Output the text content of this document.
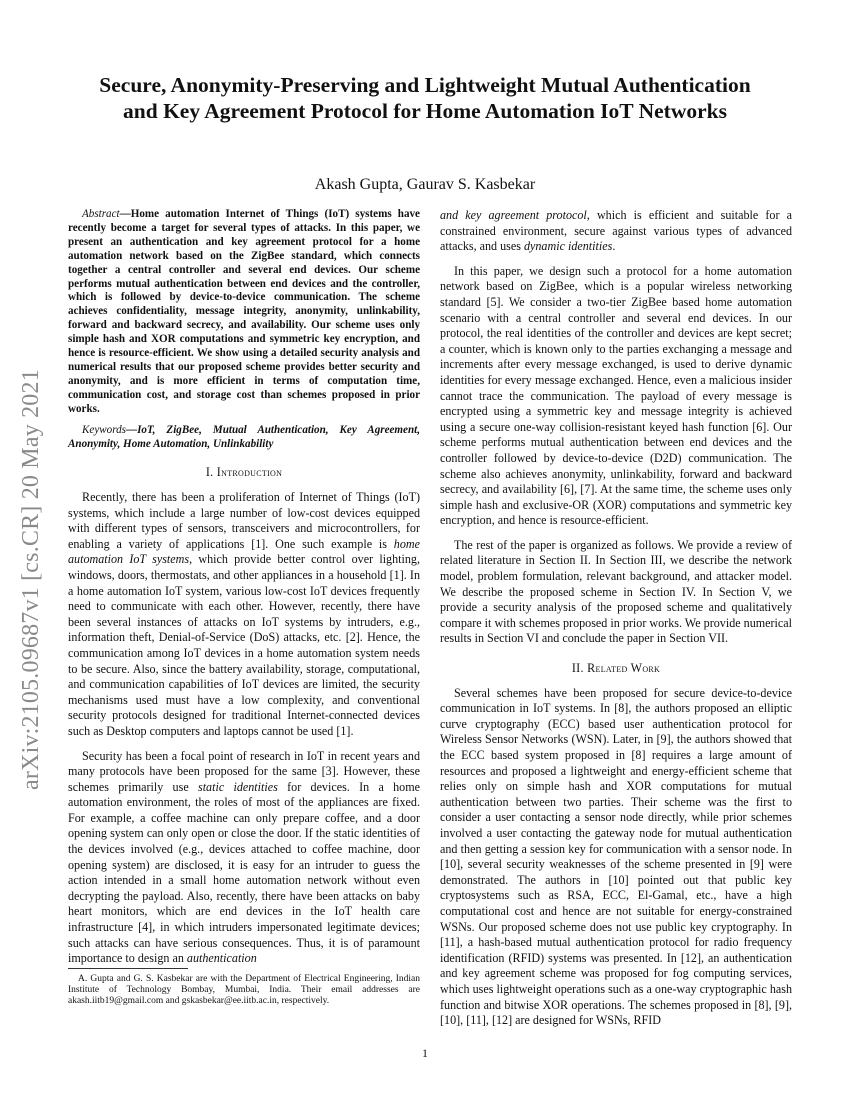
Secure, Anonymity-Preserving and Lightweight Mutual Authentication
and Key Agreement Protocol for Home Automation IoT Networks
Akash Gupta, Gaurav S. Kasbekar
arXiv:2105.09687v1 [cs.CR] 20 May 2021

Abstract—Home automation Internet of Things (IoT) systems have recently become a target for several types of attacks. In this paper, we present an authentication and key agreement protocol for a home automation network based on the ZigBee standard, which connects together a central controller and several end devices. Our scheme performs mutual authentication between end devices and the controller, which is followed by device-to-device communication. The scheme achieves confidentiality, message integrity, anonymity, unlinkability, forward and backward secrecy, and availability. Our scheme uses only simple hash and XOR computations and symmetric key encryption, and hence is resource-efficient. We show using a detailed security analysis and numerical results that our proposed scheme provides better security and anonymity, and is more efficient in terms of computation time, communication cost, and storage cost than schemes proposed in prior works.

Keywords—IoT, ZigBee, Mutual Authentication, Key Agreement, Anonymity, Home Automation, Unlinkability

I. Introduction

Recently, there has been a proliferation of Internet of Things (IoT) systems, which include a large number of low-cost devices equipped with different types of sensors, transceivers and microcontrollers, for enabling a variety of applications [1]. One such example is home automation IoT systems, which provide better control over lighting, windows, doors, thermostats, and other appliances in a household [1]. In a home automation IoT system, various low-cost IoT devices frequently need to communicate with each other. However, recently, there have been several instances of attacks on IoT systems by intruders, e.g., information theft, Denial-of-Service (DoS) attacks, etc. [2]. Hence, the communication among IoT devices in a home automation system needs to be secure. Also, since the battery availability, storage, computational, and communication capabilities of IoT devices are limited, the security mechanisms used must have a low complexity, and conventional security protocols designed for traditional Internet-connected devices such as Desktop computers and laptops cannot be used [1].

Security has been a focal point of research in IoT in recent years and many protocols have been proposed for the same [3]. However, these schemes primarily use static identities for devices. In a home automation environment, the roles of most of the appliances are fixed. For example, a coffee machine can only prepare coffee, and a door opening system can only open or close the door. If the static identities of the devices involved (e.g., devices attached to coffee machine, door opening system) are disclosed, it is easy for an intruder to guess the action intended in a small home automation network without even decrypting the payload. Also, recently, there have been attacks on baby heart monitors, which are end devices in the IoT health care infrastructure [4], in which intruders impersonated legitimate devices; such attacks can have serious consequences. Thus, it is of paramount importance to design an authentication

A. Gupta and G. S. Kasbekar are with the Department of Electrical Engineering, Indian Institute of Technology Bombay, Mumbai, India. Their email addresses are akash.iitb19@gmail.com and gskasbekar@ee.iitb.ac.in, respectively.

and key agreement protocol, which is efficient and suitable for a constrained environment, secure against various types of advanced attacks, and uses dynamic identities.

In this paper, we design such a protocol for a home automation network based on ZigBee, which is a popular wireless networking standard [5]. We consider a two-tier ZigBee based home automation scenario with a central controller and several end devices. In our protocol, the real identities of the controller and devices are kept secret; a counter, which is known only to the parties exchanging a message and increments after every message exchanged, is used to derive dynamic identities for every message exchanged. Hence, even a malicious insider cannot trace the communication. The payload of every message is encrypted using a symmetric key and message integrity is achieved using a secure one-way collision-resistant keyed hash function [6]. Our scheme performs mutual authentication between end devices and the controller followed by device-to-device (D2D) communication. The scheme also achieves anonymity, unlinkability, forward and backward secrecy, and availability [6], [7]. At the same time, the scheme uses only simple hash and exclusive-OR (XOR) computations and symmetric key encryption, and hence is resource-efficient.

The rest of the paper is organized as follows. We provide a review of related literature in Section II. In Section III, we describe the network model, problem formulation, relevant background, and attacker model. We describe the proposed scheme in Section IV. In Section V, we provide a security analysis of the proposed scheme and qualitatively compare it with schemes proposed in prior works. We provide numerical results in Section VI and conclude the paper in Section VII.

II. Related Work

Several schemes have been proposed for secure device-to-device communication in IoT systems. In [8], the authors proposed an elliptic curve cryptography (ECC) based user authentication protocol for Wireless Sensor Networks (WSN). Later, in [9], the authors showed that the ECC based system proposed in [8] requires a large amount of resources and proposed a lightweight and energy-efficient scheme that relies only on simple hash and XOR computations for mutual authentication between two parties. Their scheme was the first to consider a user contacting a sensor node directly, while prior schemes involved a user contacting the gateway node for mutual authentication and then getting a session key for communication with a sensor node. In [10], several security weaknesses of the scheme presented in [9] were demonstrated. The authors in [10] pointed out that public key cryptosystems such as RSA, ECC, El-Gamal, etc., have a high computational cost and hence are not suitable for energy-constrained WSNs. Our proposed scheme does not use public key cryptography. In [11], a hash-based mutual authentication protocol for radio frequency identification (RFID) systems was presented. In [12], an authentication and key agreement scheme was proposed for fog computing services, which uses lightweight operations such as a one-way cryptographic hash function and bitwise XOR operations. The schemes proposed in [8], [9], [10], [11], [12] are designed for WSNs, RFID

1
